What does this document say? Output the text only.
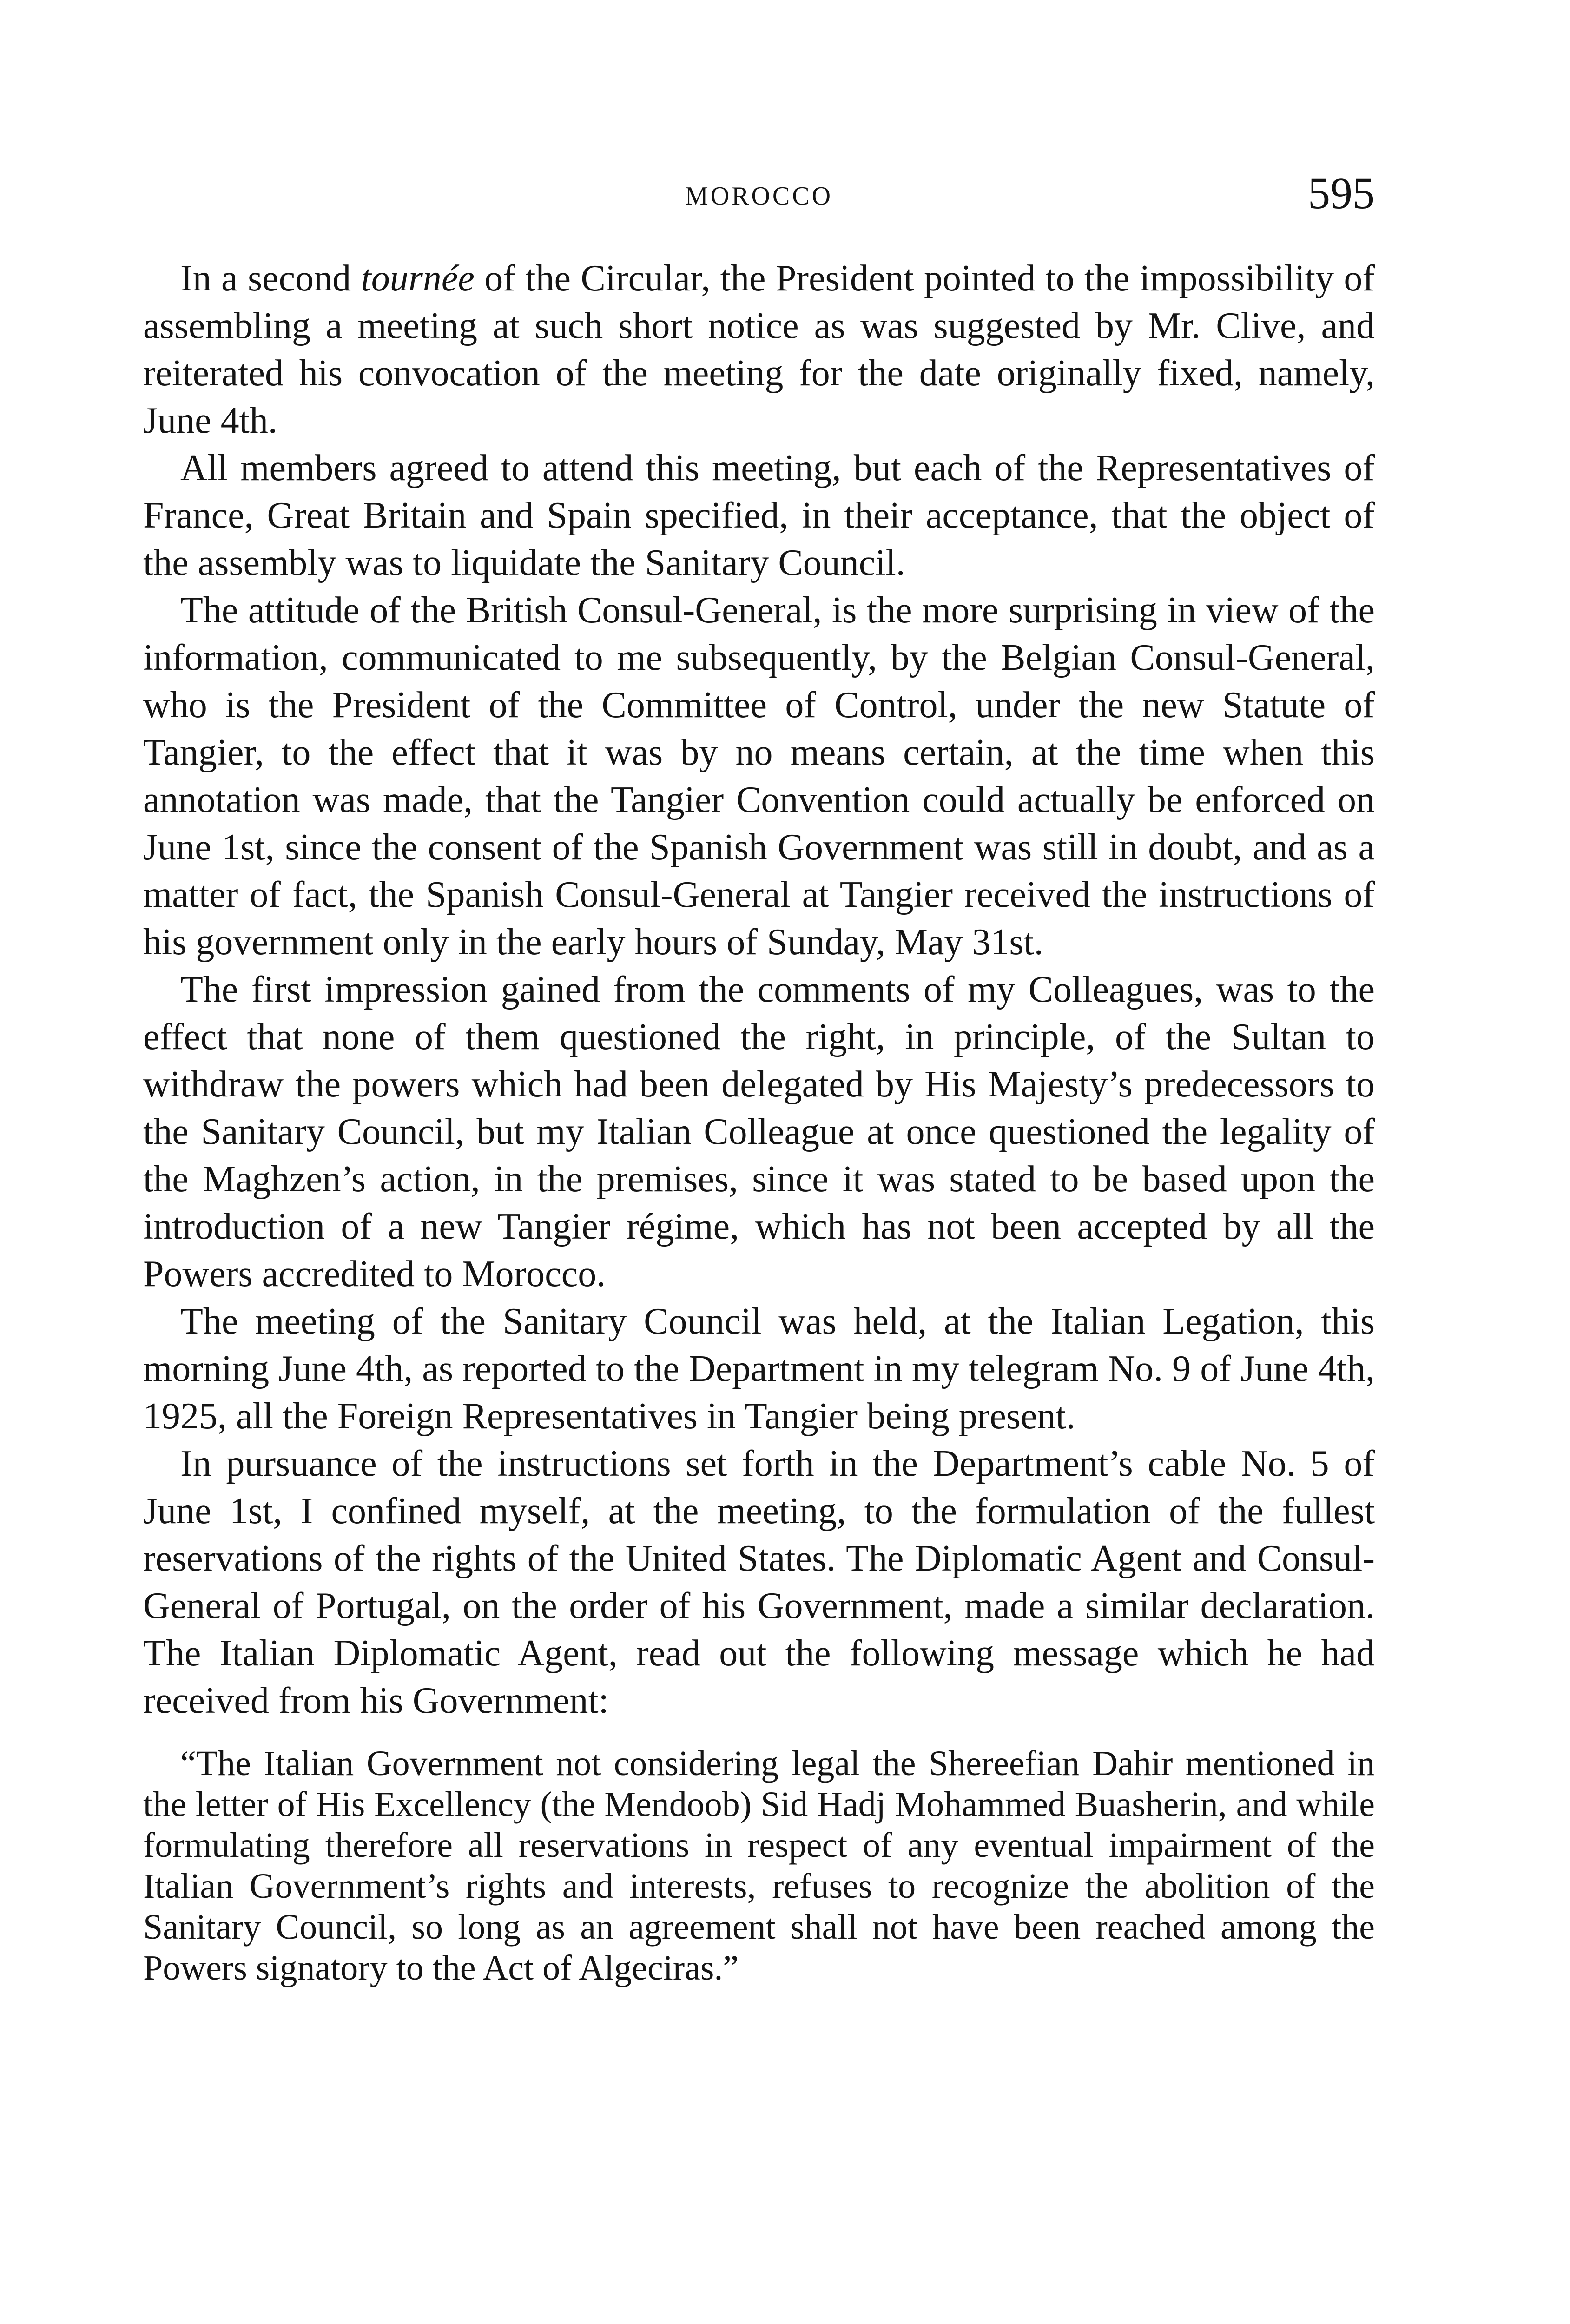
MOROCCO	595

In a second tournée of the Circular, the President pointed to the impossibility of assembling a meeting at such short notice as was suggested by Mr. Clive, and reiterated his convocation of the meeting for the date originally fixed, namely, June 4th.

All members agreed to attend this meeting, but each of the Representatives of France, Great Britain and Spain specified, in their acceptance, that the object of the assembly was to liquidate the Sanitary Council.

The attitude of the British Consul-General, is the more surprising in view of the information, communicated to me subsequently, by the Belgian Consul-General, who is the President of the Committee of Control, under the new Statute of Tangier, to the effect that it was by no means certain, at the time when this annotation was made, that the Tangier Convention could actually be enforced on June 1st, since the consent of the Spanish Government was still in doubt, and as a matter of fact, the Spanish Consul-General at Tangier received the instructions of his government only in the early hours of Sunday, May 31st.

The first impression gained from the comments of my Colleagues, was to the effect that none of them questioned the right, in principle, of the Sultan to withdraw the powers which had been delegated by His Majesty’s predecessors to the Sanitary Council, but my Italian Colleague at once questioned the legality of the Maghzen’s action, in the premises, since it was stated to be based upon the introduction of a new Tangier régime, which has not been accepted by all the Powers accredited to Morocco.

The meeting of the Sanitary Council was held, at the Italian Legation, this morning June 4th, as reported to the Department in my telegram No. 9 of June 4th, 1925, all the Foreign Representatives in Tangier being present.

In pursuance of the instructions set forth in the Department’s cable No. 5 of June 1st, I confined myself, at the meeting, to the formulation of the fullest reservations of the rights of the United States. The Diplomatic Agent and Consul-General of Portugal, on the order of his Government, made a similar declaration. The Italian Diplomatic Agent, read out the following message which he had received from his Government:

“The Italian Government not considering legal the Shereefian Dahir mentioned in the letter of His Excellency (the Mendoob) Sid Hadj Mohammed Buasherin, and while formulating therefore all reservations in respect of any eventual impairment of the Italian Government’s rights and interests, refuses to recognize the abolition of the Sanitary Council, so long as an agreement shall not have been reached among the Powers signatory to the Act of Algeciras.”
